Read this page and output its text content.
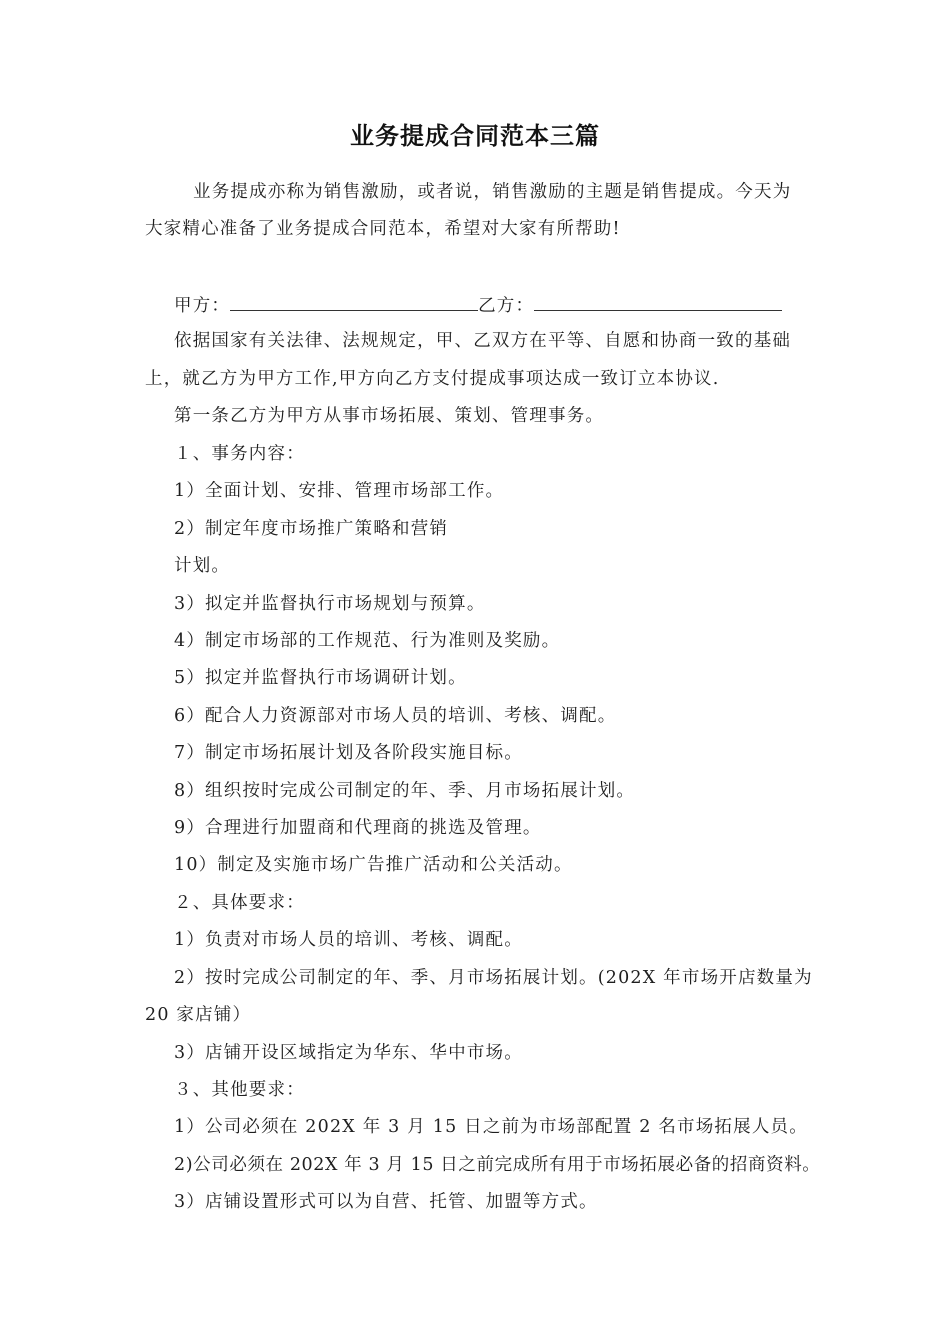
业务提成合同范本三篇
业务提成亦称为销售激励，或者说，销售激励的主题是销售提成。今天为
大家精心准备了业务提成合同范本，希望对大家有所帮助!
甲方：	乙方：
依据国家有关法律、法规规定，甲、乙双方在平等、自愿和协商一致的基础
上，就乙方为甲方工作,甲方向乙方支付提成事项达成一致订立本协议.
第一条乙方为甲方从事市场拓展、策划、管理事务。
１、事务内容：
1）全面计划、安排、管理市场部工作。
2）制定年度市场推广策略和营销
计划。
3）拟定并监督执行市场规划与预算。
4）制定市场部的工作规范、行为准则及奖励。
5）拟定并监督执行市场调研计划。
6）配合人力资源部对市场人员的培训、考核、调配。
7）制定市场拓展计划及各阶段实施目标。
8）组织按时完成公司制定的年、季、月市场拓展计划。
9）合理进行加盟商和代理商的挑选及管理。
10）制定及实施市场广告推广活动和公关活动。
２、具体要求：
1）负责对市场人员的培训、考核、调配。
2）按时完成公司制定的年、季、月市场拓展计划。(202X 年市场开店数量为
20 家店铺）
3）店铺开设区域指定为华东、华中市场。
３、其他要求：
1）公司必须在 202X 年 3 月 15 日之前为市场部配置 2 名市场拓展人员。
2)公司必须在 202X 年 3 月 15 日之前完成所有用于市场拓展必备的招商资料。
3）店铺设置形式可以为自营、托管、加盟等方式。
